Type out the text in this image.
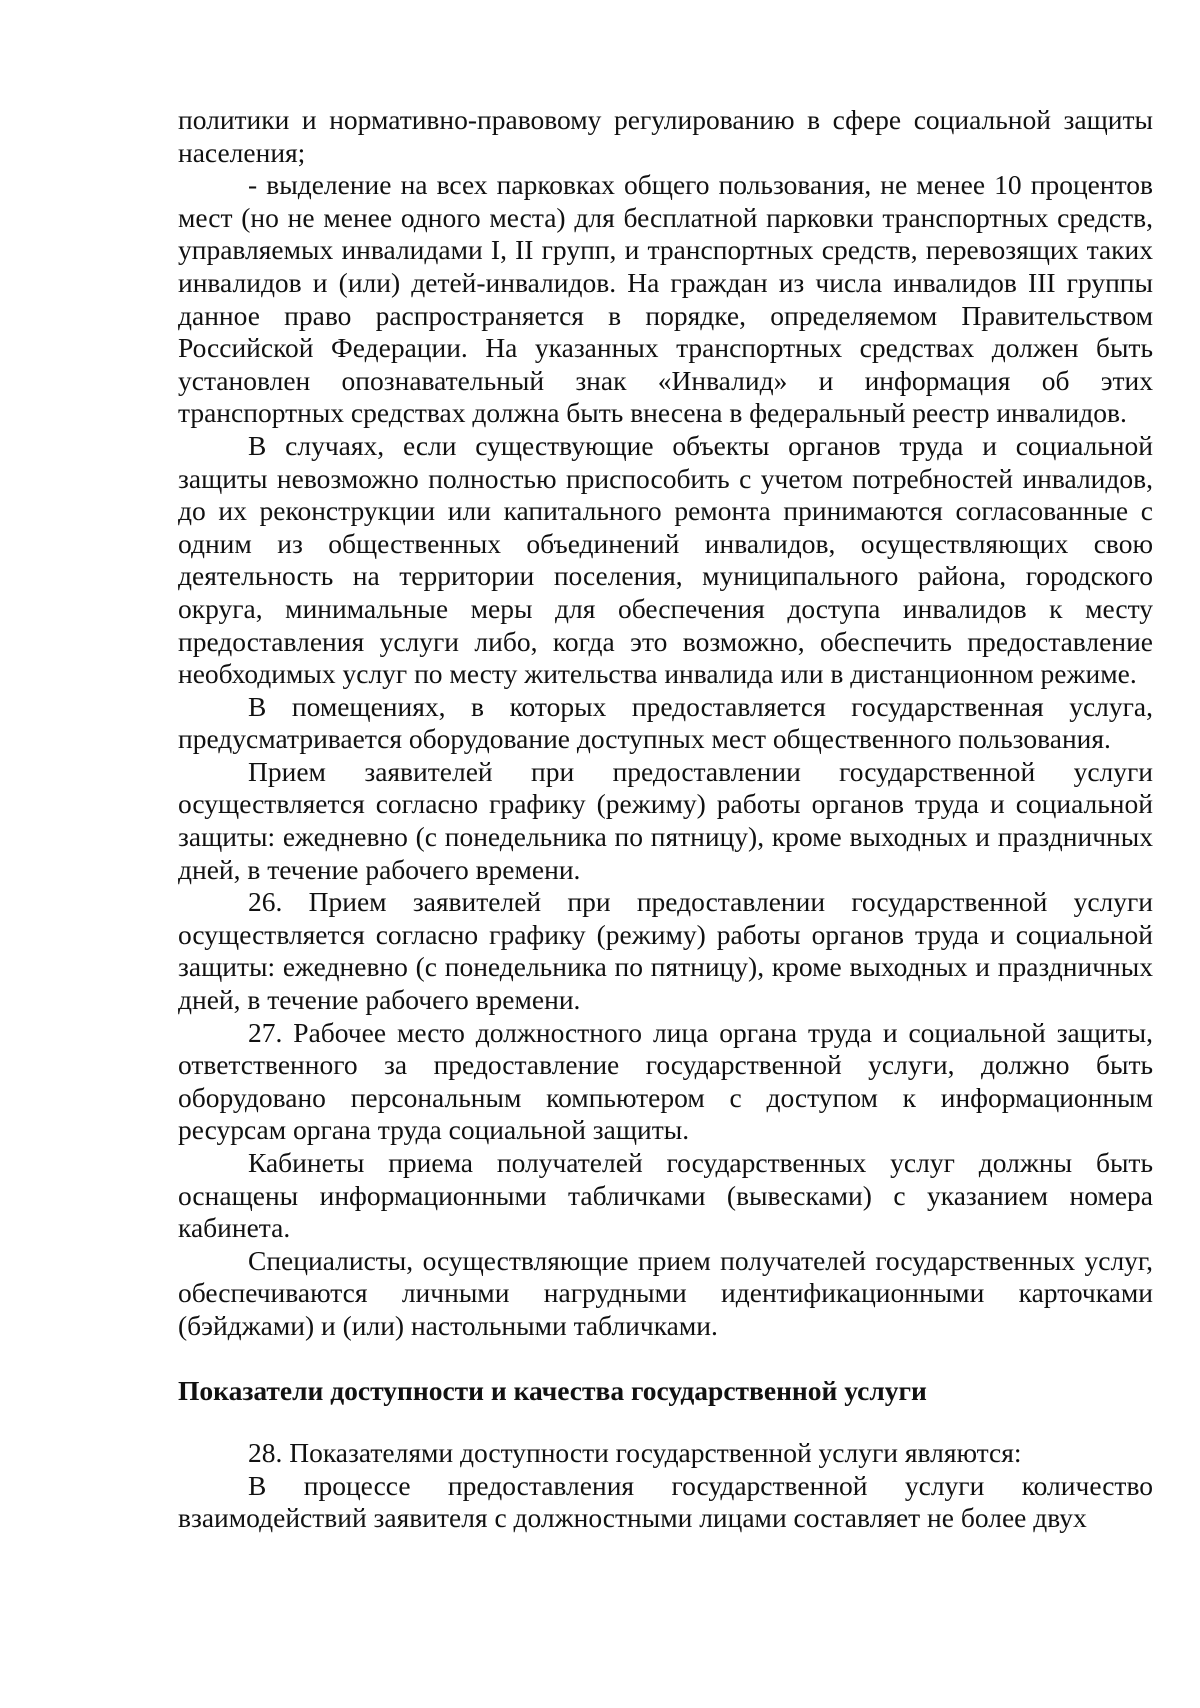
политики и нормативно-правовому регулированию в сфере социальной защиты населения;

- выделение на всех парковках общего пользования, не менее 10 процентов мест (но не менее одного места) для бесплатной парковки транспортных средств, управляемых инвалидами I, II групп, и транспортных средств, перевозящих таких инвалидов и (или) детей-инвалидов. На граждан из числа инвалидов III группы данное право распространяется в порядке, определяемом Правительством Российской Федерации. На указанных транспортных средствах должен быть установлен опознавательный знак «Инвалид» и информация об этих транспортных средствах должна быть внесена в федеральный реестр инвалидов.

В случаях, если существующие объекты органов труда и социальной защиты невозможно полностью приспособить с учетом потребностей инвалидов, до их реконструкции или капитального ремонта принимаются согласованные с одним из общественных объединений инвалидов, осуществляющих свою деятельность на территории поселения, муниципального района, городского округа, минимальные меры для обеспечения доступа инвалидов к месту предоставления услуги либо, когда это возможно, обеспечить предоставление необходимых услуг по месту жительства инвалида или в дистанционном режиме.

В помещениях, в которых предоставляется государственная услуга, предусматривается оборудование доступных мест общественного пользования.

Прием заявителей при предоставлении государственной услуги осуществляется согласно графику (режиму) работы органов труда и социальной защиты: ежедневно (с понедельника по пятницу), кроме выходных и праздничных дней, в течение рабочего времени.

26. Прием заявителей при предоставлении государственной услуги осуществляется согласно графику (режиму) работы органов труда и социальной защиты: ежедневно (с понедельника по пятницу), кроме выходных и праздничных дней, в течение рабочего времени.

27. Рабочее место должностного лица органа труда и социальной защиты, ответственного за предоставление государственной услуги, должно быть оборудовано персональным компьютером с доступом к информационным ресурсам органа труда социальной защиты.

Кабинеты приема получателей государственных услуг должны быть оснащены информационными табличками (вывесками) с указанием номера кабинета.

Специалисты, осуществляющие прием получателей государственных услуг, обеспечиваются личными нагрудными идентификационными карточками (бэйджами) и (или) настольными табличками.

Показатели доступности и качества государственной услуги

28. Показателями доступности государственной услуги являются:

В процессе предоставления государственной услуги количество взаимодействий заявителя с должностными лицами составляет не более двух
